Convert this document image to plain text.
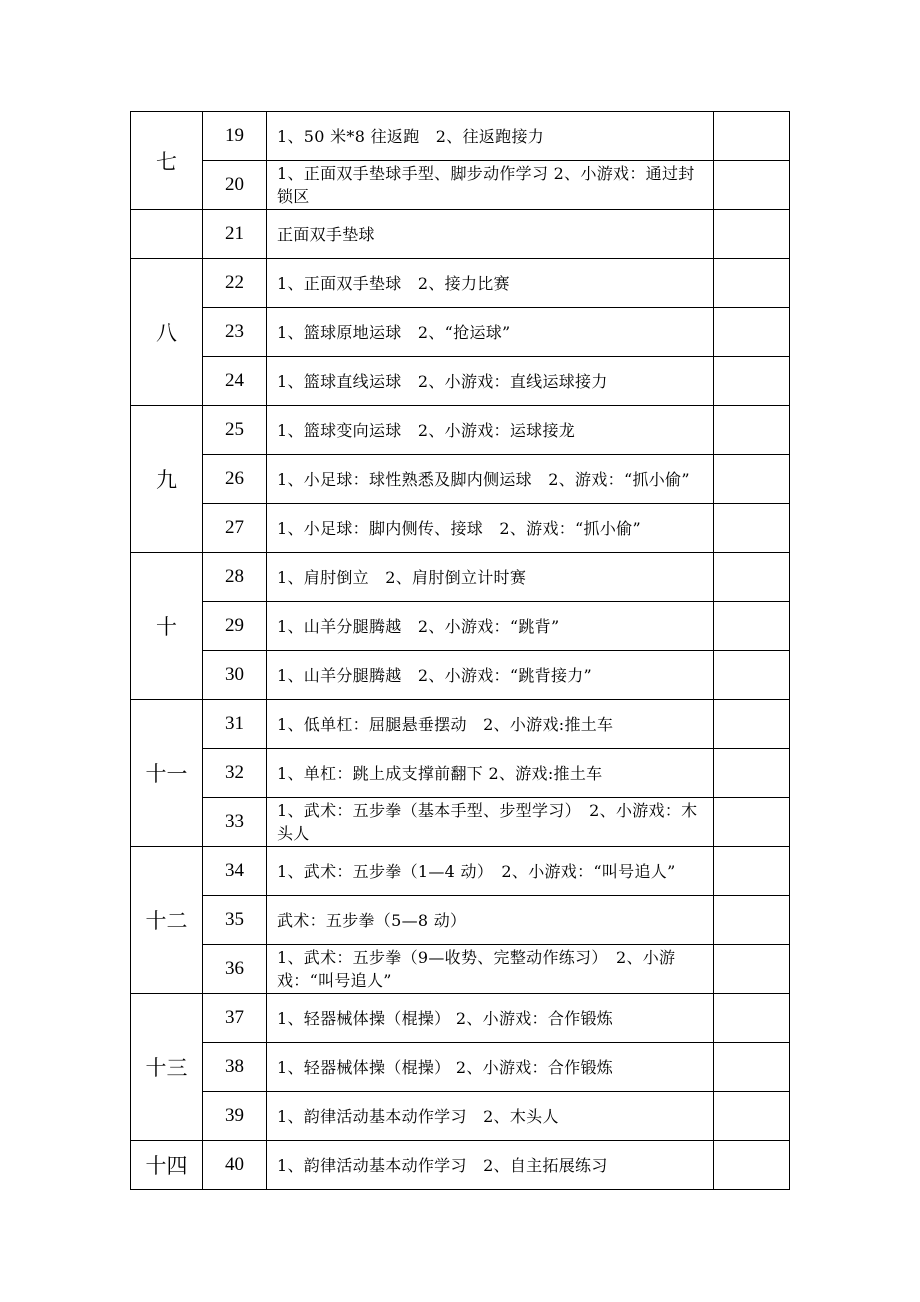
七	19	1、50 米*8 往返跑　2、往返跑接力	
	20	1、正面双手垫球手型、脚步动作学习 2、小游戏：通过封锁区	
	21	正面双手垫球	
八	22	1、正面双手垫球　2、接力比赛	
	23	1、篮球原地运球　2、“抢运球”	
	24	1、篮球直线运球　2、小游戏：直线运球接力	
九	25	1、篮球变向运球　2、小游戏：运球接龙	
	26	1、小足球：球性熟悉及脚内侧运球　2、游戏：“抓小偷”	
	27	1、小足球：脚内侧传、接球　2、游戏：“抓小偷”	
十	28	1、肩肘倒立　2、肩肘倒立计时赛	
	29	1、山羊分腿腾越　2、小游戏：“跳背”	
	30	1、山羊分腿腾越　2、小游戏：“跳背接力”	
十一	31	1、低单杠：屈腿悬垂摆动　2、小游戏:推土车	
	32	1、单杠：跳上成支撑前翻下 2、游戏:推土车	
	33	1、武术：五步拳（基本手型、步型学习）　2、小游戏：木头人	
十二	34	1、武术：五步拳（1—4 动）　2、小游戏：“叫号追人”	
	35	武术：五步拳（5—8 动）	
	36	1、武术：五步拳（9—收势、完整动作练习）　2、小游戏：“叫号追人”	
十三	37	1、轻器械体操（棍操） 2、小游戏：合作锻炼	
	38	1、轻器械体操（棍操） 2、小游戏：合作锻炼	
	39	1、韵律活动基本动作学习　2、木头人	
十四	40	1、韵律活动基本动作学习　2、自主拓展练习	
